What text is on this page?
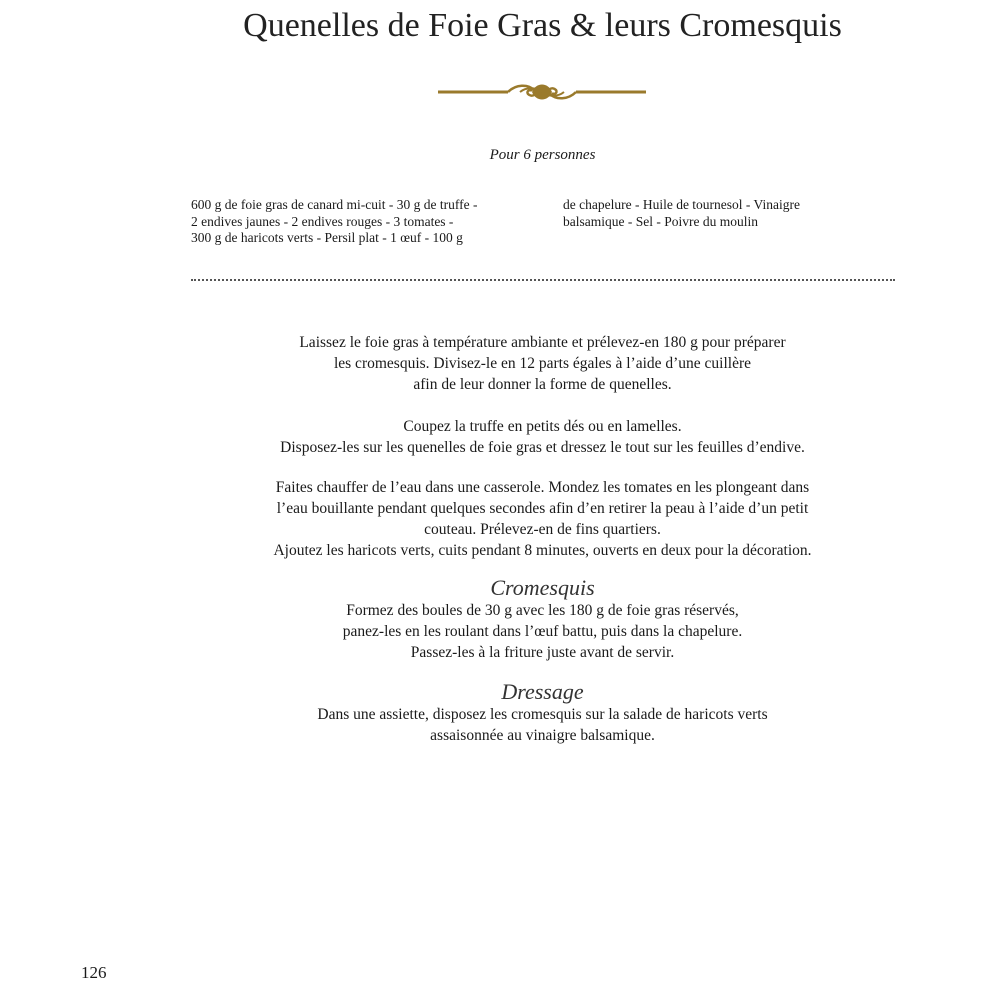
Quenelles de Foie Gras & leurs Cromesquis
Pour 6 personnes
600 g de foie gras de canard mi-cuit - 30 g de truffe -
2 endives jaunes - 2 endives rouges - 3 tomates -
300 g de haricots verts - Persil plat - 1 œuf - 100 g
de chapelure - Huile de tournesol - Vinaigre
balsamique - Sel - Poivre du moulin
Laissez le foie gras à température ambiante et prélevez-en 180 g pour préparer
les cromesquis. Divisez-le en 12 parts égales à l’aide d’une cuillère
afin de leur donner la forme de quenelles.
Coupez la truffe en petits dés ou en lamelles.
Disposez-les sur les quenelles de foie gras et dressez le tout sur les feuilles d’endive.
Faites chauffer de l’eau dans une casserole. Mondez les tomates en les plongeant dans
l’eau bouillante pendant quelques secondes afin d’en retirer la peau à l’aide d’un petit
couteau. Prélevez-en de fins quartiers.
Ajoutez les haricots verts, cuits pendant 8 minutes, ouverts en deux pour la décoration.
Cromesquis
Formez des boules de 30 g avec les 180 g de foie gras réservés,
panez-les en les roulant dans l’œuf battu, puis dans la chapelure.
Passez-les à la friture juste avant de servir.
Dressage
Dans une assiette, disposez les cromesquis sur la salade de haricots verts
assaisonnée au vinaigre balsamique.
126
